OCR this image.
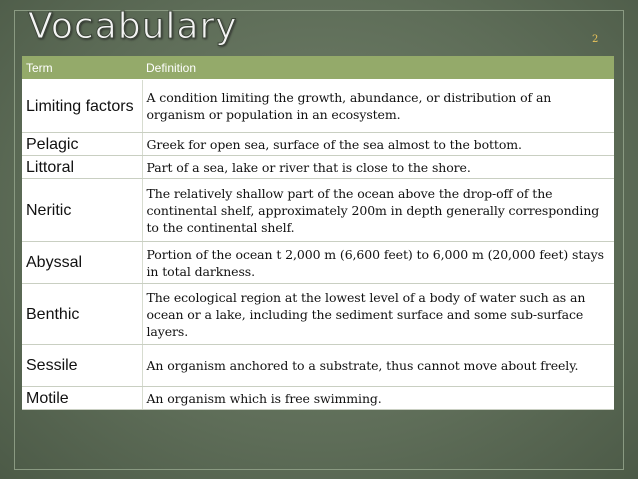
Vocabulary	2
Term	Definition
Limiting factors	A condition limiting the growth, abundance, or distribution of an organism or population in an ecosystem.
Pelagic	Greek for open sea, surface of the sea almost to the bottom.
Littoral	Part of a sea, lake or river that is close to the shore.
Neritic	The relatively shallow part of the ocean above the drop-off of the continental shelf, approximately 200m in depth generally corresponding to the continental shelf.
Abyssal	Portion of the ocean t 2,000 m (6,600 feet) to 6,000 m (20,000 feet) stays in total darkness.
Benthic	The ecological region at the lowest level of a body of water such as an ocean or a lake, including the sediment surface and some sub-surface layers.
Sessile	An organism anchored to a substrate, thus cannot move about freely.
Motile	An organism which is free swimming.
